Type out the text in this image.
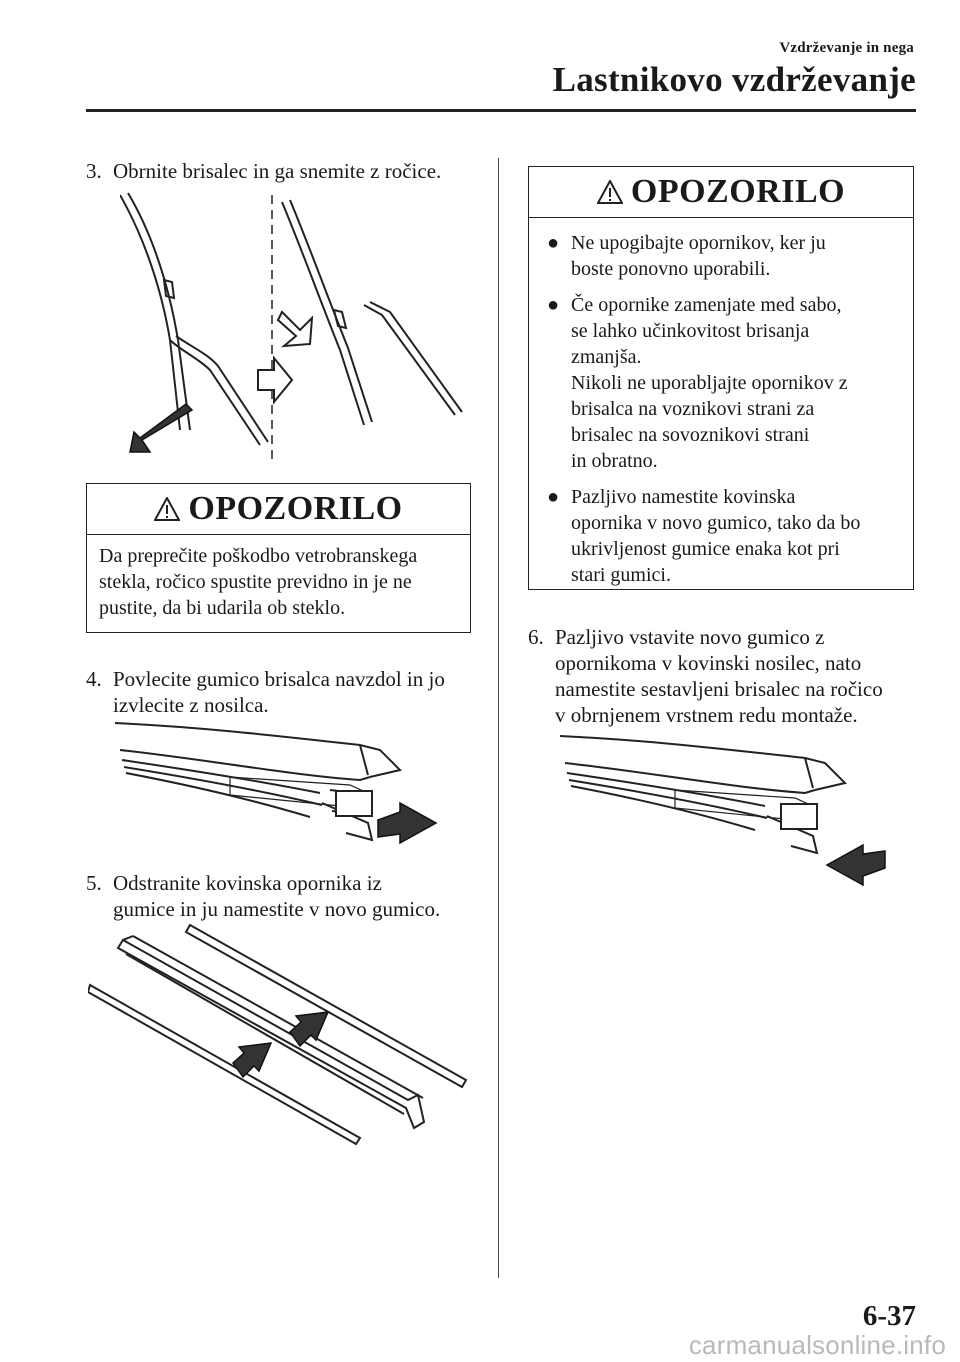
Vzdrževanje in nega
Lastnikovo vzdrževanje
3. Obrnite brisalec in ga snemite z ročice.
OPOZORILO
Da preprečite poškodbo vetrobranskega
stekla, ročico spustite previdno in je ne
pustite, da bi udarila ob steklo.
4. Povlecite gumico brisalca navzdol in jo
izvlecite z nosilca.
5. Odstranite kovinska opornika iz
gumice in ju namestite v novo gumico.
OPOZORILO
● Ne upogibajte opornikov, ker ju
boste ponovno uporabili.
● Če opornike zamenjate med sabo,
se lahko učinkovitost brisanja
zmanjša.
Nikoli ne uporabljajte opornikov z
brisalca na voznikovi strani za
brisalec na sovoznikovi strani
in obratno.
● Pazljivo namestite kovinska
opornika v novo gumico, tako da bo
ukrivljenost gumice enaka kot pri
stari gumici.
6. Pazljivo vstavite novo gumico z
opornikoma v kovinski nosilec, nato
namestite sestavljeni brisalec na ročico
v obrnjenem vrstnem redu montaže.
6-37
carmanualsonline.info
